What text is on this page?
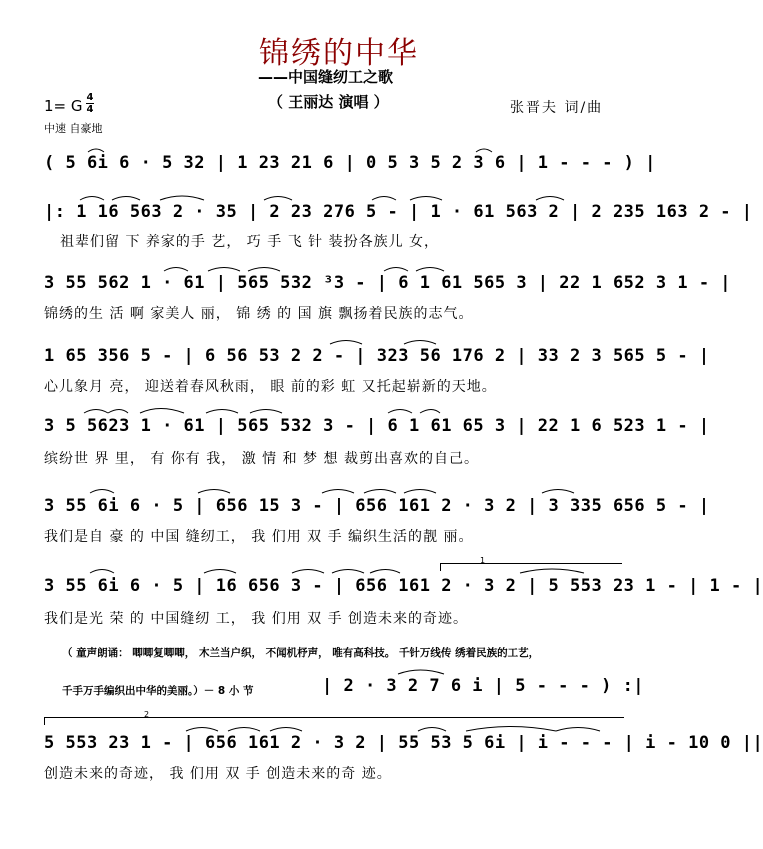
锦绣的中华
——中国缝纫工之歌
（ 王丽达 演唱 ）
1= G 4
4
中速 自豪地
张晋夫 词/曲
1
2
( 5 6i 6 · 5 32 | 1 23 21 6 | 0 5 3 5 2 3 6 | 1 - - - ) |
|: 1 16 563 2 · 35 | 2 23 276 5 - | 1 · 61 563 2 | 2 235 163 2 - |
祖辈们留 下 养家的手 艺， 巧 手 飞 针 装扮各族儿 女，
3 55 562 1 · 61 | 565 532 ³3 - | 6 1 61 565 3 | 22 1 652 3 1 - |
锦绣的生 活 啊 家美人 丽， 锦 绣 的 国 旗 飘扬着民族的志气。
1 65 356 5 - | 6 56 53 2 2 - | 323 56 176 2 | 33 2 3 565 5 - |
心儿象月 亮， 迎送着春风秋雨， 眼 前的彩 虹 又托起崭新的天地。
3 5 5623 1 · 61 | 565 532 3 - | 6 1 61 65 3 | 22 1 6 523 1 - |
缤纷世 界 里， 有 你有 我， 激 情 和 梦 想 裁剪出喜欢的自己。
3 55 6i 6 · 5 | 656 15 3 - | 656 161 2 · 3 2 | 3 335 656 5 - |
我们是自 豪 的 中国 缝纫工， 我 们用 双 手 编织生活的靓 丽。
3 55 6i 6 · 5 | 16 656 3 - | 656 161 2 · 3 2 | 5 553 23 1 - | 1 - |
我们是光 荣 的 中国缝纫 工， 我 们用 双 手 创造未来的奇迹。
（ 童声朗诵： 唧唧复唧唧， 木兰当户织， 不闻机杼声， 唯有高科技。 千针万线传 绣着民族的工艺，
千手万手编织出中华的美丽。）－ 8 小 节	| 2 · 3 2 7 6 i | 5 - - - ) :|
5 553 23 1 - | 656 161 2 · 3 2 | 55 53 5 6i | i - - - | i - 10 0 ||
创造未来的奇迹， 我 们用 双 手 创造未来的奇 迹。
